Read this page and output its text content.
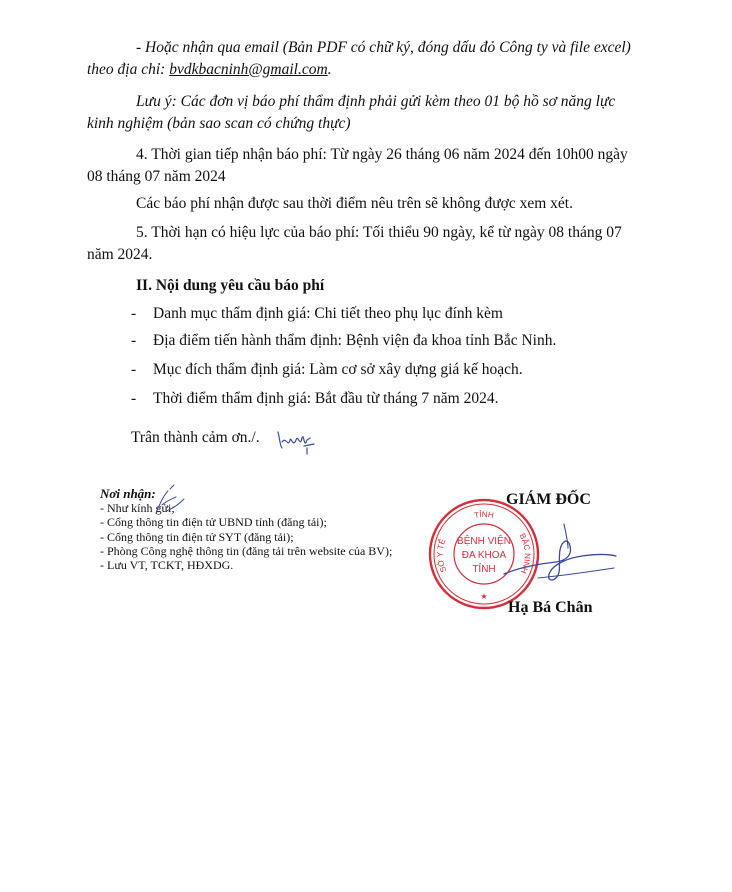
- Hoặc nhận qua email (Bản PDF có chữ ký, đóng dấu đỏ Công ty và file excel)

theo địa chỉ: bvdkbacninh@gmail.com.

Lưu ý: Các đơn vị báo phí thẩm định phải gửi kèm theo 01 bộ hồ sơ năng lực

kinh nghiệm (bản sao scan có chứng thực)

4. Thời gian tiếp nhận báo phí: Từ ngày 26 tháng 06 năm 2024 đến 10h00 ngày

08 tháng 07 năm 2024

Các báo phí nhận được sau thời điểm nêu trên sẽ không được xem xét.

5. Thời hạn có hiệu lực của báo phí: Tối thiểu 90 ngày, kể từ ngày 08 tháng 07

năm 2024.

II. Nội dung yêu cầu báo phí

- Danh mục thẩm định giá: Chi tiết theo phụ lục đính kèm
- Địa điểm tiến hành thẩm định: Bệnh viện đa khoa tỉnh Bắc Ninh.
- Mục đích thẩm định giá: Làm cơ sở xây dựng giá kế hoạch.
- Thời điểm thẩm định giá: Bắt đầu từ tháng 7 năm 2024.

Trân thành cảm ơn./.

Nơi nhận:
- Như kính gửi;
- Cổng thông tin điện tử UBND tỉnh (đăng tải);
- Cổng thông tin điện tử SYT (đăng tải);
- Phòng Công nghệ thông tin (đăng tải trên website của BV);
- Lưu VT, TCKT, HĐXDG.
GIÁM ĐỐC
TỈNH
BẮC NINH
SỞ Y TẾ BỆNH VIỆN
ĐA KHOA
TỈNH
★
Hạ Bá Chân
